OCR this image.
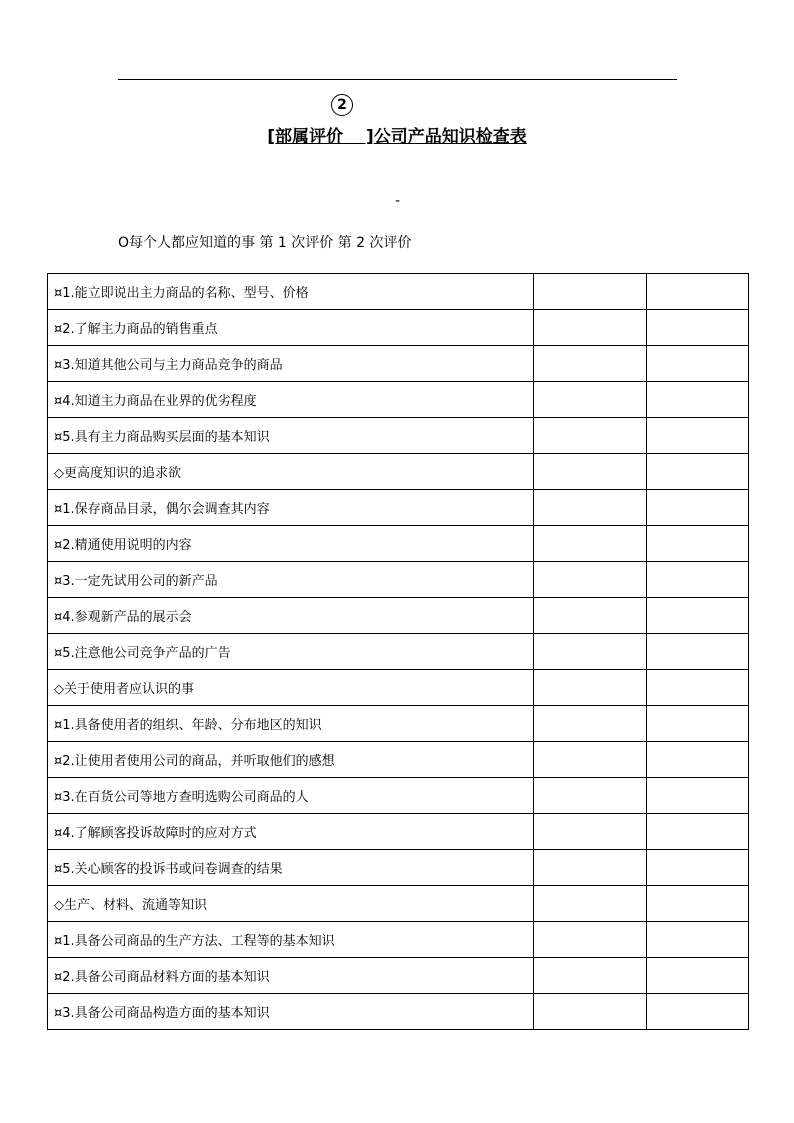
2
[部属评价　 ]公司产品知识检查表
-
O每个人都应知道的事 第 1 次评价 第 2 次评价
¤1.能立即说出主力商品的名称、型号、价格		
¤2.了解主力商品的销售重点		
¤3.知道其他公司与主力商品竞争的商品		
¤4.知道主力商品在业界的优劣程度		
¤5.具有主力商品购买层面的基本知识		
◇更高度知识的追求欲		
¤1.保存商品目录，偶尔会调查其内容		
¤2.精通使用说明的内容		
¤3.一定先试用公司的新产品		
¤4.参观新产品的展示会		
¤5.注意他公司竞争产品的广告		
◇关于使用者应认识的事		
¤1.具备使用者的组织、年龄、分布地区的知识		
¤2.让使用者使用公司的商品，并听取他们的感想		
¤3.在百货公司等地方查明选购公司商品的人		
¤4.了解顾客投诉故障时的应对方式		
¤5.关心顾客的投诉书或问卷调查的结果		
◇生产、材料、流通等知识		
¤1.具备公司商品的生产方法、工程等的基本知识		
¤2.具备公司商品材料方面的基本知识		
¤3.具备公司商品构造方面的基本知识		
